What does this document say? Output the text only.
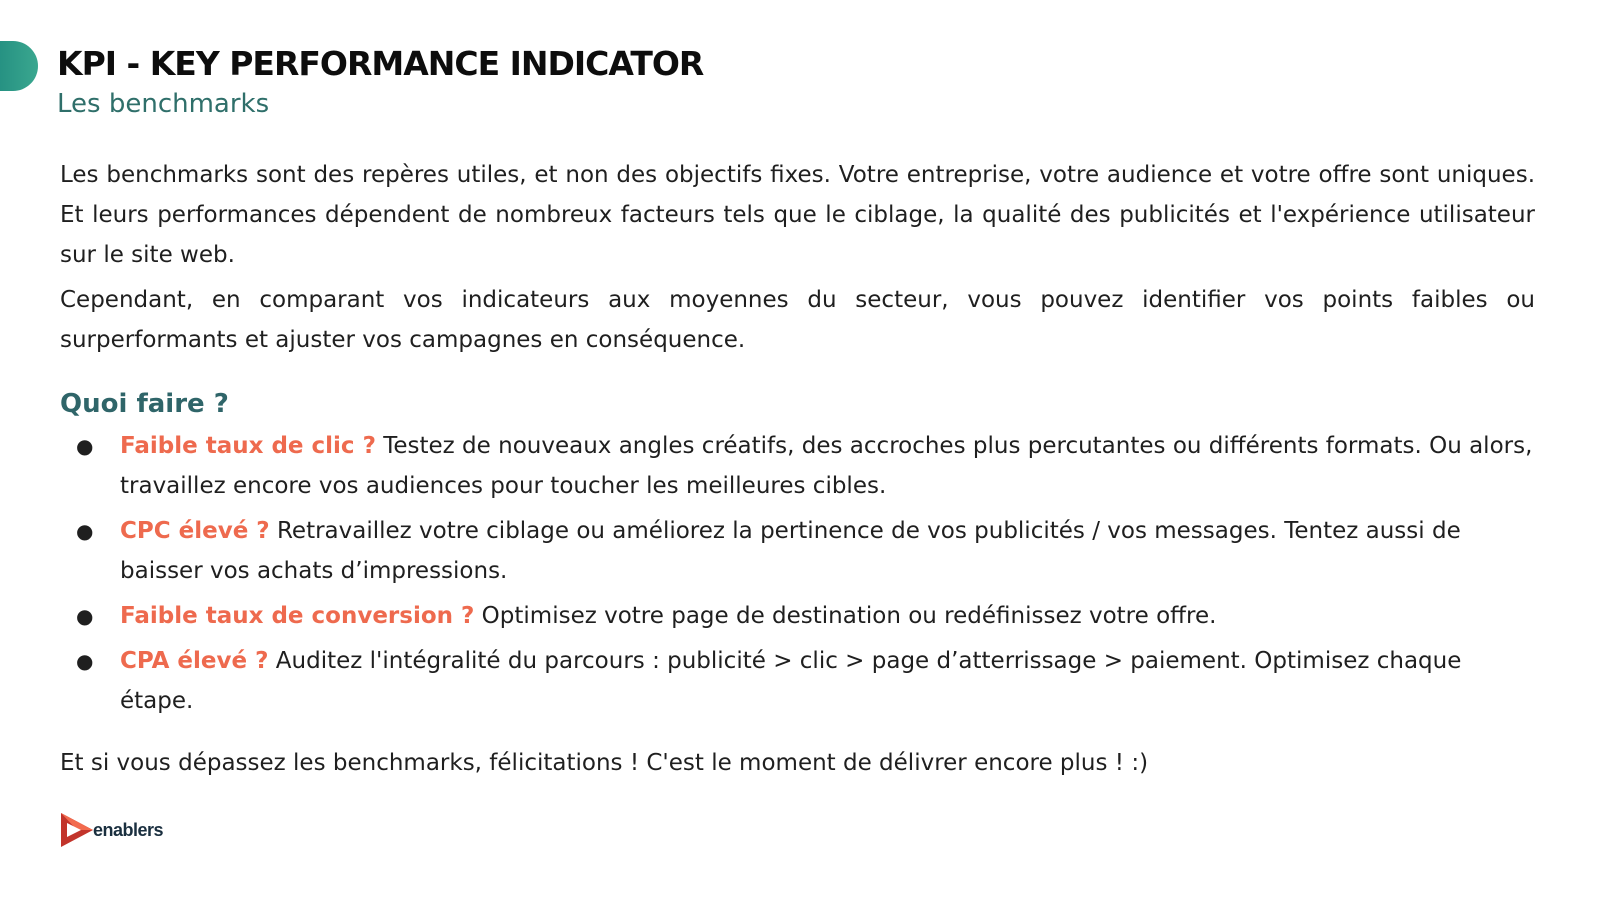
KPI - KEY PERFORMANCE INDICATOR
Les benchmarks

Les benchmarks sont des repères utiles, et non des objectifs fixes. Votre entreprise, votre audience et votre offre sont uniques. Et leurs performances dépendent de nombreux facteurs tels que le ciblage, la qualité des publicités et l'expérience utilisateur sur le site web.

Cependant, en comparant vos indicateurs aux moyennes du secteur, vous pouvez identifier vos points faibles ou surperformants et ajuster vos campagnes en conséquence.

Quoi faire ?
● Faible taux de clic ? Testez de nouveaux angles créatifs, des accroches plus percutantes ou différents formats. Ou alors, travaillez encore vos audiences pour toucher les meilleures cibles.
● CPC élevé ? Retravaillez votre ciblage ou améliorez la pertinence de vos publicités / vos messages. Tentez aussi de baisser vos achats d’impressions.
● Faible taux de conversion ? Optimisez votre page de destination ou redéfinissez votre offre.
● CPA élevé ? Auditez l'intégralité du parcours : publicité > clic > page d’atterrissage > paiement. Optimisez chaque étape.

Et si vous dépassez les benchmarks, félicitations ! C'est le moment de délivrer encore plus ! :)

enablers
